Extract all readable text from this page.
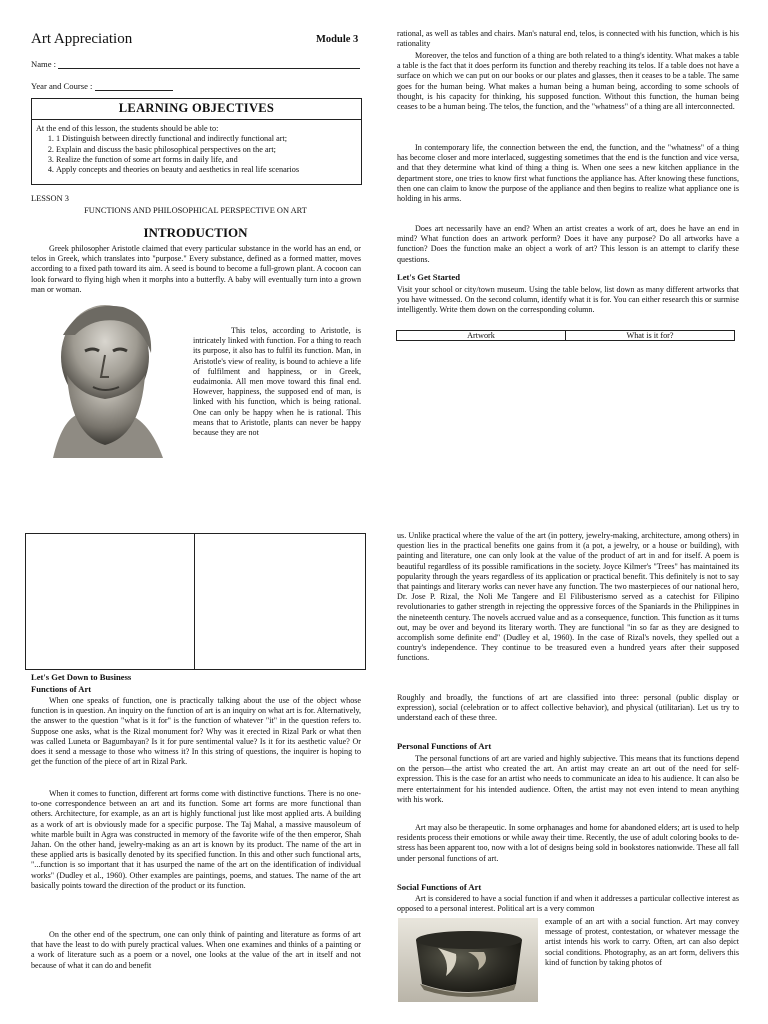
Art Appreciation	Module 3
Name :
Year and Course :
LEARNING OBJECTIVES
At the end of this lesson, the students should be able to:
1. 1 Distinguish between directly functional and indirectly functional art;
2. Explain and discuss the basic philosophical perspectives on the art;
3. Realize the function of some art forms in daily life, and
4. Apply concepts and theories on beauty and aesthetics in real life scenarios
LESSON 3
FUNCTIONS AND PHILOSOPHICAL PERSPECTIVE ON ART
INTRODUCTION

Greek philosopher Aristotle claimed that every particular substance in the world has an end, or telos in Greek, which translates into "purpose." Every substance, defined as a formed matter, moves according to a fixed path toward its aim. A seed is bound to become a full-grown plant. A cocoon can look forward to flying high when it morphs into a butterfly. A baby will eventually turn into a grown man or woman.

This telos, according to Aristotle, is intricately linked with function. For a thing to reach its purpose, it also has to fulfil its function. Man, in Aristotle's view of reality, is bound to achieve a life of fulfilment and happiness, or in Greek, eudaimonia. All men move toward this final end. However, happiness, the supposed end of man, is linked with his function, which is being rational. One can only be happy when he is rational. This means that to Aristotle, plants can never be happy because they are not

rational, as well as tables and chairs. Man's natural end, telos, is connected with his function, which is his rationality

Moreover, the telos and function of a thing are both related to a thing's identity. What makes a table a table is the fact that it does perform its function and thereby reaching its telos. If a table does not have a surface on which we can put on our books or our plates and glasses, then it ceases to be a table. The same goes for the human being. What makes a human being a human being, according to some schools of thought, is his capacity for thinking, his supposed function. Without this function, the human being ceases to be a human being. The telos, the function, and the "whatness" of a thing are all interconnected.

In contemporary life, the connection between the end, the function, and the "whatness" of a thing has become closer and more interlaced, suggesting sometimes that the end is the function and vice versa, and that they determine what kind of thing a thing is. When one sees a new kitchen appliance in the department store, one tries to know first what functions the appliance has. After knowing these functions, then one can claim to know the purpose of the appliance and then begins to realize what appliance one is holding in his arms.

Does art necessarily have an end? When an artist creates a work of art, does he have an end in mind? What function does an artwork perform? Does it have any purpose? Do all artworks have a function? Does the function make an object a work of art? This lesson is an attempt to clarify these questions.

Let's Get Started

Visit your school or city/town museum. Using the table below, list down as many different artworks that you have witnessed. On the second column, identify what it is for. You can either research this or surmise intelligently. Write them down on the corresponding column.

Artwork	What is it for?
Let's Get Down to Business
Functions of Art

When one speaks of function, one is practically talking about the use of the object whose function is in question. An inquiry on the function of art is an inquiry on what art is for. Alternatively, the answer to the question "what is it for" is the function of whatever "it" in the question refers to. Suppose one asks, what is the Rizal monument for? Why was it erected in Rizal Park or what then was called Luneta or Bagumbayan? Is it for pure sentimental value? Is it for its aesthetic value? Or does it send a message to those who witness it? In this string of questions, the inquirer is hoping to get the function of the piece of art in Rizal Park.

When it comes to function, different art forms come with distinctive functions. There is no one-to-one correspondence between an art and its function. Some art forms are more functional than others. Architecture, for example, as an art is highly functional just like most applied arts. A building as a work of art is obviously made for a specific purpose. The Taj Mahal, a massive mausoleum of white marble built in Agra was constructed in memory of the favorite wife of the then emperor, Shah Jahan. On the other hand, jewelry-making as an art is known by its product. The name of the art in these applied arts is basically denoted by its specified function. In this and other such functional arts, "...function is so important that it has usurped the name of the art on the identification of individual works" (Dudley et al., 1960). Other examples are paintings, poems, and statues. The name of the art basically points toward the direction of the product or its function.

On the other end of the spectrum, one can only think of painting and literature as forms of art that have the least to do with purely practical values. When one examines and thinks of a painting or a work of literature such as a poem or a novel, one looks at the value of the art in itself and not because of what it can do and benefit

us. Unlike practical where the value of the art (in pottery, jewelry-making, architecture, among others) in question lies in the practical benefits one gains from it (a pot, a jewelry, or a house or building), with painting and literature, one can only look at the value of the product of art in and for itself. A poem is beautiful regardless of its possible ramifications in the society. Joyce Kilmer's "Trees" has maintained its popularity through the years regardless of its application or practical benefit. This definitely is not to say that paintings and literary works can never have any function. The two masterpieces of our national hero, Dr. Jose P. Rizal, the Noli Me Tangere and El Filibusterismo served as a catechist for Filipino revolutionaries to gather strength in rejecting the oppressive forces of the Spaniards in the Philippines in the nineteenth century. The novels accrued value and as a consequence, function. This function as it turns out, may be over and beyond its literary worth. They are functional "in so far as they are designed to accomplish some definite end" (Dudley et al, 1960). In the case of Rizal's novels, they spelled out a country's independence. They continue to be treasured even a hundred years after their supposed functions.

Roughly and broadly, the functions of art are classified into three: personal (public display or expression), social (celebration or to affect collective behavior), and physical (utilitarian). Let us try to understand each of these three.

Personal Functions of Art

The personal functions of art are varied and highly subjective. This means that its functions depend on the person—the artist who created the art. An artist may create an art out of the need for self-expression. This is the case for an artist who needs to communicate an idea to his audience. It can also be mere entertainment for his intended audience. Often, the artist may not even intend to mean anything with his work.

Art may also be therapeutic. In some orphanages and home for abandoned elders; art is used to help residents process their emotions or while away their time. Recently, the use of adult coloring books to de-stress has been apparent too, now with a lot of designs being sold in bookstores nationwide. These all fall under personal functions of art.

Social Functions of Art

Art is considered to have a social function if and when it addresses a particular collective interest as opposed to a personal interest. Political art is a very common

example of an art with a social function. Art may convey message of protest, contestation, or whatever message the artist intends his work to carry. Often, art can also depict social conditions. Photography, as an art form, delivers this kind of function by taking photos of
